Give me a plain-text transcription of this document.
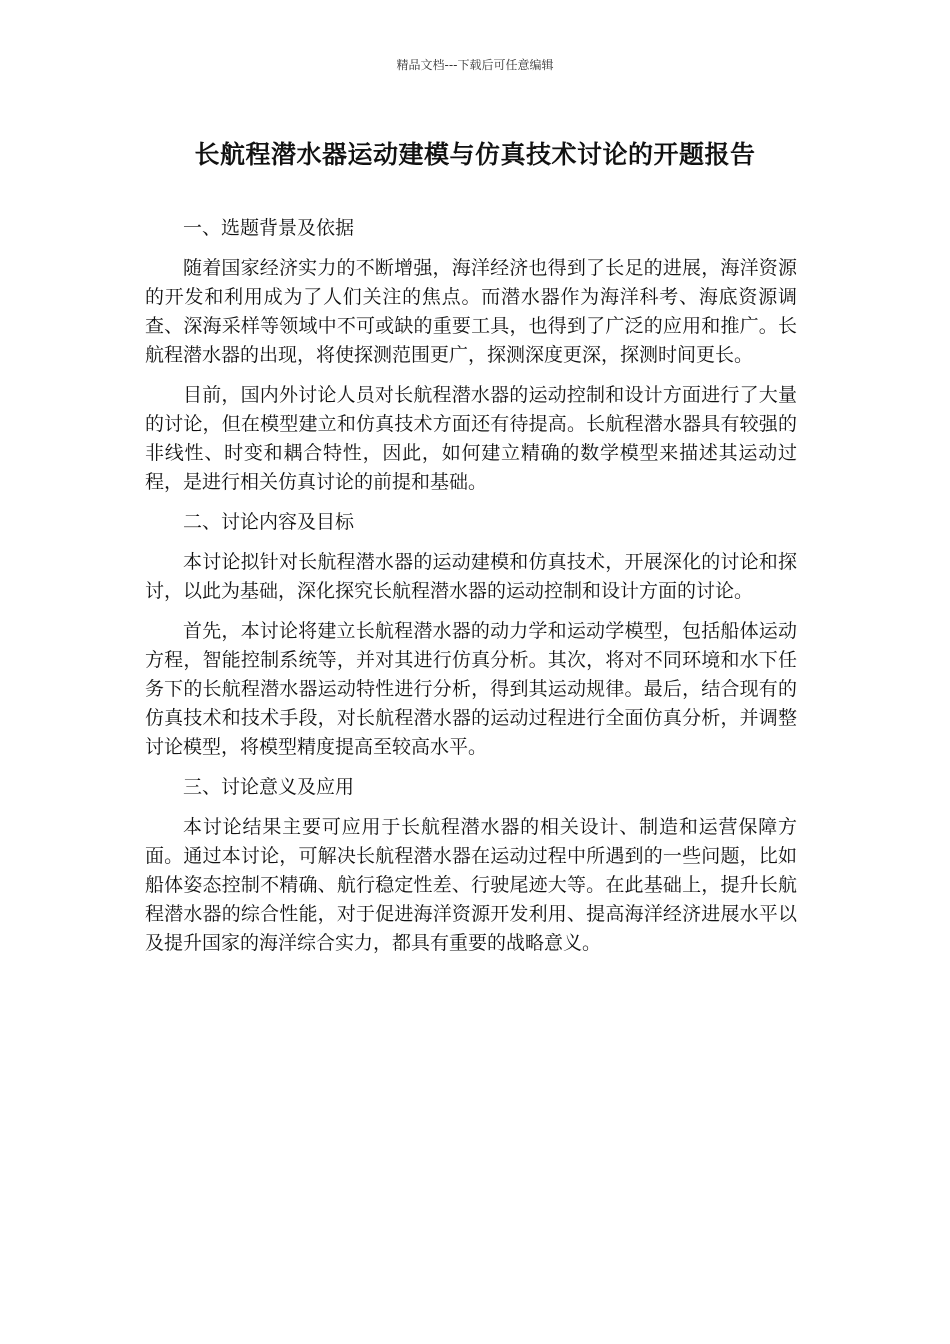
精品文档---下载后可任意编辑
长航程潜水器运动建模与仿真技术讨论的开题报告

一、选题背景及依据

随着国家经济实力的不断增强，海洋经济也得到了长足的进展，海洋资源的开发和利用成为了人们关注的焦点。而潜水器作为海洋科考、海底资源调查、深海采样等领域中不可或缺的重要工具，也得到了广泛的应用和推广。长航程潜水器的出现，将使探测范围更广，探测深度更深，探测时间更长。

目前，国内外讨论人员对长航程潜水器的运动控制和设计方面进行了大量的讨论，但在模型建立和仿真技术方面还有待提高。长航程潜水器具有较强的非线性、时变和耦合特性，因此，如何建立精确的数学模型来描述其运动过程，是进行相关仿真讨论的前提和基础。

二、讨论内容及目标

本讨论拟针对长航程潜水器的运动建模和仿真技术，开展深化的讨论和探讨，以此为基础，深化探究长航程潜水器的运动控制和设计方面的讨论。

首先，本讨论将建立长航程潜水器的动力学和运动学模型，包括船体运动方程，智能控制系统等，并对其进行仿真分析。其次，将对不同环境和水下任务下的长航程潜水器运动特性进行分析，得到其运动规律。最后，结合现有的仿真技术和技术手段，对长航程潜水器的运动过程进行全面仿真分析，并调整讨论模型，将模型精度提高至较高水平。

三、讨论意义及应用

本讨论结果主要可应用于长航程潜水器的相关设计、制造和运营保障方面。通过本讨论，可解决长航程潜水器在运动过程中所遇到的一些问题，比如船体姿态控制不精确、航行稳定性差、行驶尾迹大等。在此基础上，提升长航程潜水器的综合性能，对于促进海洋资源开发利用、提高海洋经济进展水平以及提升国家的海洋综合实力，都具有重要的战略意义。
